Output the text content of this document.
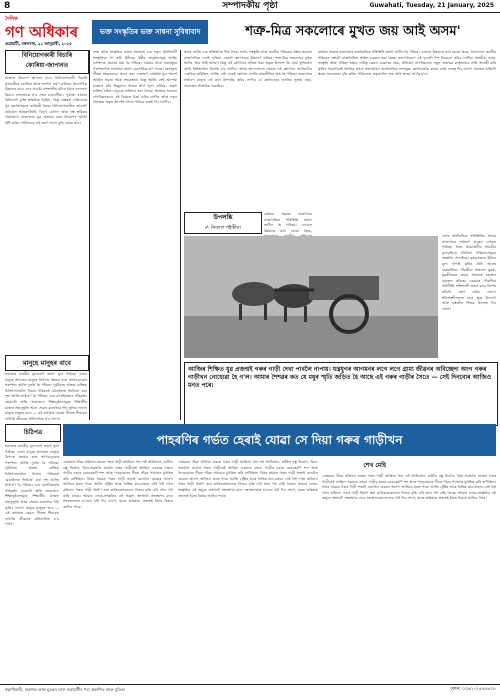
8	সম্পাদকীয় পৃষ্ঠা	Guwahati, Tuesday, 21 January, 2025
দৈনিক
গণ অধিকাৰ
গুৱাহাটী, মঙ্গলবাৰ, ২১ জানুৱাৰী, ২০২৫
ভক্ত সংস্কৃতিৰ ভক্ত সাধনা সুবিধাবাদ	শত্ৰু-মিত্ৰ সকলোৰে মুখত জয় আই অসম'
বিনিয়োগকাৰী বিচাৰি
কোৰিয়া-জাপানত
ৰাজ্যত উদ্যোগ স্থাপনৰ বাবে বিনিয়োগকাৰী বিচাৰি মুখ্যমন্ত্ৰীয়ে কোৰিয়া আৰু জাপান ভ্ৰমণ কৰিছে। উদ্যোগিক উন্নয়নৰ বাবে এনে প্ৰচেষ্টা প্ৰশংসনীয় যদিও ইয়াৰ ফলাফল কিমান লাভজনক হ'ব সেয়া চাবলগীয়া। পূৰ্বতো বহুতো বিনিয়োগ চুক্তি স্বাক্ষৰিত হৈছিল, কিন্তু বাস্তৱত সেইবোৰৰ খুব কমসংখ্যকহে কাৰ্যকৰী হৈছে। বিনিয়োগকাৰীক আকৰ্ষণ কৰিবলৈ আন্তঃগাঁথনি, বিদ্যুৎ যোগান আৰু দক্ষ শ্ৰমিকৰ প্ৰয়োজন। ৰাজ্যখনৰ যুৱ প্ৰজন্মৰ বাবে নিয়োগৰ সুবিধা সৃষ্টি কৰিব পাৰিলেহে এই ভ্ৰমণ সফল বুলি কোৱা যাব।
মানুহে মানুহৰ বাবে
সমাজত মানৱীয় মূল্যবোধ ক্ৰমাৎ হ্ৰাস পাইছে। এজন মানুহে আনজন মানুহৰ বিপদত সহায়ৰ হাত আগবঢ়োৱাৰ পৰম্পৰা আজি দুৰ্লভ হৈ পৰিছে। দুৰ্ঘটনাত আহত ব্যক্তিক চিকিৎসালয়লৈ নিয়াৰ পৰিৱৰ্তে মোবাইলত ভিডিঅ' কৰা দৃশ্য আজি সাধাৰণ হৈ পৰিছে। এনে মানসিকতাৰ পৰিৱৰ্তন হোৱাটো অতি প্ৰয়োজন। শিক্ষানুষ্ঠানসমূহে শিক্ষাৰ্থীৰ মাজত সহানুভূতি আৰু সেৱাৰ মনোভাৱ গঢ়ি তুলিব লাগে। মানুহে মানুহৰ বাবে — এই কথাষাৰ কেৱল গীতত সীমাবদ্ধ নাথাকি জীৱনত প্ৰতিফলিত হ'ব লাগে।
ভক্ত আৰু সংস্কৃতিৰ নামত সমাজত এক নতুন সুবিধাবাদী সংস্কৃতিয়ে গা কৰি উঠিছে। ধৰ্মীয় অনুষ্ঠানসমূহ আজি ব্যক্তিগত প্ৰচাৰৰ মঞ্চ হৈ পৰিছে। নামঘৰ আৰু সত্ৰসমূহৰ পৰম্পৰাগত ভাবধাৰা ক্ৰমাৎ ব্যৱসায়িক ৰূপ লৈছে। মহাপুৰুষ শ্ৰীমন্ত শংকৰদেৱে প্ৰচাৰ কৰা একশৰণ নামধৰ্মৰ মূল আদৰ্শ আছিল সমতা আৰু সহাৱস্থান। কিন্তু আজি সেই আদৰ্শক ব্যৱহাৰ কৰি কিছুমানে নিজৰ স্বাৰ্থ পূৰণ কৰিছে। প্ৰকৃত ভক্তিৰ ঠাইত দেখুওৱা ভক্তিয়ে স্থান লৈছে। সমাজৰ সচেতন নাগৰিকসকলে এই বিষয়ত চিন্তা কৰিব লাগিব আৰু নতুন প্ৰজন্মক প্ৰকৃত আদৰ্শৰ সৈতে পৰিচয় কৰাই দিব লাগিব।
অসম আজি এক সন্ধিক্ষণত থিয় দিছে। ভাষা, সংস্কৃতি আৰু জাতীয় পৰিচয়ৰ প্ৰশ্নত সকলো ৰাজনৈতিক দলেই এতিয়া একেটা শ্লোগানকে উচ্চাৰণ কৰিছে। শত্ৰু-মিত্ৰ সকলোৰে মুখত আজি 'জয় আই অসম'। কিন্তু এই শ্লোগানৰ আঁৰত থকা প্ৰকৃত উদ্দেশ্য কি সেয়া বুজিবলৈ আমি ইতিহাসলৈ উভতি চাব লাগিব। অসম আন্দোলনৰ সময়ত এই শ্লোগানে জাতিটোক একত্ৰিত কৰিছিল, আজি সেই একেই শ্লোগান ভোটৰ ৰাজনীতিৰ অস্ত্ৰ হৈ পৰিছে। ৰাজ্যখনৰ সাধাৰণ মানুহে এই কথা উপলব্ধি কৰিব লাগিব যে শ্লোগানেৰে জাতিৰ সুৰক্ষা নহয়, প্ৰয়োজন আন্তৰিক প্ৰচেষ্টাৰ।
উপলব্ধি
✍ নিতাল শইকীয়া
বৰ্তমান সময়ত ৰাজ্যখনৰ ৰাজনৈতিক পৰিস্থিতি ক্ৰমাৎ জটিল হৈ পৰিছে। এফালে উন্নয়নৰ কথা কোৱা হৈছে,
বৰ্তমান সময়ত ৰাজ্যখনৰ ৰাজনৈতিক পৰিস্থিতি ক্ৰমাৎ জটিল হৈ পৰিছে। এফালে উন্নয়নৰ কথা কোৱা হৈছে, আনফালে জাতীয় পৰিচয়ৰ প্ৰশ্নটো ৰাজনৈতিক স্বাৰ্থত ব্যৱহাৰ কৰা হৈছে। জনসাধাৰণে এই দুয়োটা দিশ বিবেচনা কৰিব লাগিব। অসমীয়া ভাষা, সংস্কৃতি আৰু ঐতিহ্য ৰক্ষাৰ দায়িত্ব কেৱল চৰকাৰৰ নহয়, প্ৰতিজন নাগৰিকৰো। নতুন প্ৰজন্মক মাতৃভাষাৰ প্ৰতি আগ্ৰহী কৰি তুলিব পৰাটোৱেই আজিৰ প্ৰধান প্ৰত্যাহ্বান। ৰাজনৈতিক দলসমূহে শ্লোগানতকৈ কামত বেছি গুৰুত্ব দিব লাগে। সমাজৰ প্ৰতিটো স্তৰত সচেতনতা বৃদ্ধি কৰিব পাৰিলেহে প্ৰকৃতাৰ্থত 'জয় আই অসম' সাৰ্থক হ'ব।
দেশৰ অৰ্থনৈতিক পৰিস্থিতিৰ প্ৰভাৱ ৰাজ্যখনৰ সাধাৰণ মানুহৰ ওপৰত পৰিছে। নিত্য প্ৰয়োজনীয় সামগ্ৰীৰ মূল্যবৃদ্ধিয়ে মধ্যবিত্ত পৰিয়ালসমূহক সংকটত পেলাইছে। কৃষকসকলে উচিত মূল্য নাপাই কৃষিৰ প্ৰতি আগ্ৰহ হেৰুৱাইছে। গাঁৱলীয়া অঞ্চলৰ যুৱক-যুৱতীসকল কামৰ সন্ধানত চহৰলৈ প্ৰব্ৰজন কৰিছে। চৰকাৰে গাঁৱলীয়া অৰ্থনীতি শক্তিশালী কৰাৰ বাবে বিশেষ আঁচনি গ্ৰহণ কৰিব লাগে। স্বনিৰ্ভৰশীলতাৰ বাবে ক্ষুদ্ৰ উদ্যোগ আৰু হস্ততাঁত শিল্পক উৎসাহ দিব লাগে।
আজিৰ শিক্ষিত যুৱ প্ৰজন্মই গৰুৰ গাড়ী দেখা পাবলৈ নাপায়। যন্ত্ৰযুগৰ আগমনৰ লগে লগে গ্ৰাম্য জীৱনৰ অবিচ্ছেদ্য অংগ গৰুৰ গাড়ীখন নোহোৱা হৈ গ'ল। আমাৰ শৈশৱৰ কত যে মধুৰ স্মৃতি জড়িত হৈ আছে এই গৰুৰ গাড়ীৰ সৈতে — সেই দিনবোৰ আজিও মনত পৰে।
পাহৰণিৰ গৰ্ভত হেৰাই যোৱা সে দিয়া গৰুৰ গাড়ীখন
চিঠিপত্ৰ
এসময়ত গাঁৱৰ প্ৰতিখন ঘৰতে গৰুৰ গাড়ী আছিল। ধান দাই আনিবলৈ, হাটলৈ বস্তু নিবলৈ, বিয়া-সবাহলৈ যাবলৈ গৰুৰ গাড়ীয়েই আছিল একমাত্ৰ বাহন। গাড়ীৰ চকাৰ কেৰকেৰণি শব্দ আৰু গাড়োৱানৰ গীতে গাঁৱৰ পথবোৰ মুখৰিত কৰি ৰাখিছিল। বিহুৰ সময়ত গৰুৰ গাড়ী সজাই মেলালৈ যোৱাৰ আনন্দ আজিও মনত পৰে। আজি ট্ৰেক্টৰ আৰু বিভিন্ন যান-বাহনে সেই ঠাই দখল কৰিলে। গৰুৰ গাড়ী নিৰ্মাণ কৰা কাৰিকৰসকলেও নিজৰ বৃত্তি এৰি আন পথ বাছি লৈছে। আমাৰ লোক-সংস্কৃতিৰ এই অমূল্য অংগটো সংৰক্ষণৰ বাবে সংগ্ৰহালয়ত হ'লেও ঠাই দিব লাগে, যাতে ভৱিষ্যত প্ৰজন্মই ইয়াৰ বিষয়ে জানিব পাৰে।
এসময়ত গাঁৱৰ প্ৰতিখন ঘৰতে গৰুৰ গাড়ী আছিল। ধান দাই আনিবলৈ, হাটলৈ বস্তু নিবলৈ, বিয়া-সবাহলৈ যাবলৈ গৰুৰ গাড়ীয়েই আছিল একমাত্ৰ বাহন। গাড়ীৰ চকাৰ কেৰকেৰণি শব্দ আৰু গাড়োৱানৰ গীতে গাঁৱৰ পথবোৰ মুখৰিত কৰি ৰাখিছিল। বিহুৰ সময়ত গৰুৰ গাড়ী সজাই মেলালৈ যোৱাৰ আনন্দ আজিও মনত পৰে। আজি ট্ৰেক্টৰ আৰু বিভিন্ন যান-বাহনে সেই ঠাই দখল কৰিলে। গৰুৰ গাড়ী নিৰ্মাণ কৰা কাৰিকৰসকলেও নিজৰ বৃত্তি এৰি আন পথ বাছি লৈছে। আমাৰ লোক-সংস্কৃতিৰ এই অমূল্য অংগটো সংৰক্ষণৰ বাবে সংগ্ৰহালয়ত হ'লেও ঠাই দিব লাগে, যাতে ভৱিষ্যত প্ৰজন্মই ইয়াৰ বিষয়ে জানিব পাৰে।
শেখ মেহি
এসময়ত গাঁৱৰ প্ৰতিখন ঘৰতে গৰুৰ গাড়ী আছিল। ধান দাই আনিবলৈ, হাটলৈ বস্তু নিবলৈ, বিয়া-সবাহলৈ যাবলৈ গৰুৰ গাড়ীয়েই আছিল একমাত্ৰ বাহন। গাড়ীৰ চকাৰ কেৰকেৰণি শব্দ আৰু গাড়োৱানৰ গীতে গাঁৱৰ পথবোৰ মুখৰিত কৰি ৰাখিছিল। বিহুৰ সময়ত গৰুৰ গাড়ী সজাই মেলালৈ যোৱাৰ আনন্দ আজিও মনত পৰে। আজি ট্ৰেক্টৰ আৰু বিভিন্ন যান-বাহনে সেই ঠাই দখল কৰিলে। গৰুৰ গাড়ী নিৰ্মাণ কৰা কাৰিকৰসকলেও নিজৰ বৃত্তি এৰি আন পথ বাছি লৈছে। আমাৰ লোক-সংস্কৃতিৰ এই অমূল্য অংগটো সংৰক্ষণৰ বাবে সংগ্ৰহালয়ত হ'লেও ঠাই দিব লাগে, যাতে ভৱিষ্যত প্ৰজন্মই ইয়াৰ বিষয়ে জানিব পাৰে।
সমাজত মানৱীয় মূল্যবোধ ক্ৰমাৎ হ্ৰাস পাইছে। এজন মানুহে আনজন মানুহৰ বিপদত সহায়ৰ হাত আগবঢ়োৱাৰ পৰম্পৰা আজি দুৰ্লভ হৈ পৰিছে। দুৰ্ঘটনাত আহত ব্যক্তিক চিকিৎসালয়লৈ নিয়াৰ পৰিৱৰ্তে মোবাইলত ভিডিঅ' কৰা দৃশ্য আজি সাধাৰণ হৈ পৰিছে। এনে মানসিকতাৰ পৰিৱৰ্তন হোৱাটো অতি প্ৰয়োজন। শিক্ষানুষ্ঠানসমূহে শিক্ষাৰ্থীৰ মাজত সহানুভূতি আৰু সেৱাৰ মনোভাৱ গঢ়ি তুলিব লাগে। মানুহে মানুহৰ বাবে — এই কথাষাৰ কেৱল গীতত সীমাবদ্ধ নাথাকি জীৱনত প্ৰতিফলিত হ'ব লাগে।
স্বত্বাধিকাৰী, প্ৰকাশক আৰু মুদ্ৰকৰ দ্বাৰা গুৱাহাটীৰ পৰা প্ৰকাশিত আৰু মুদ্ৰিত।	ফোন: ০৩৬১-২৫৫৫৬২৮
